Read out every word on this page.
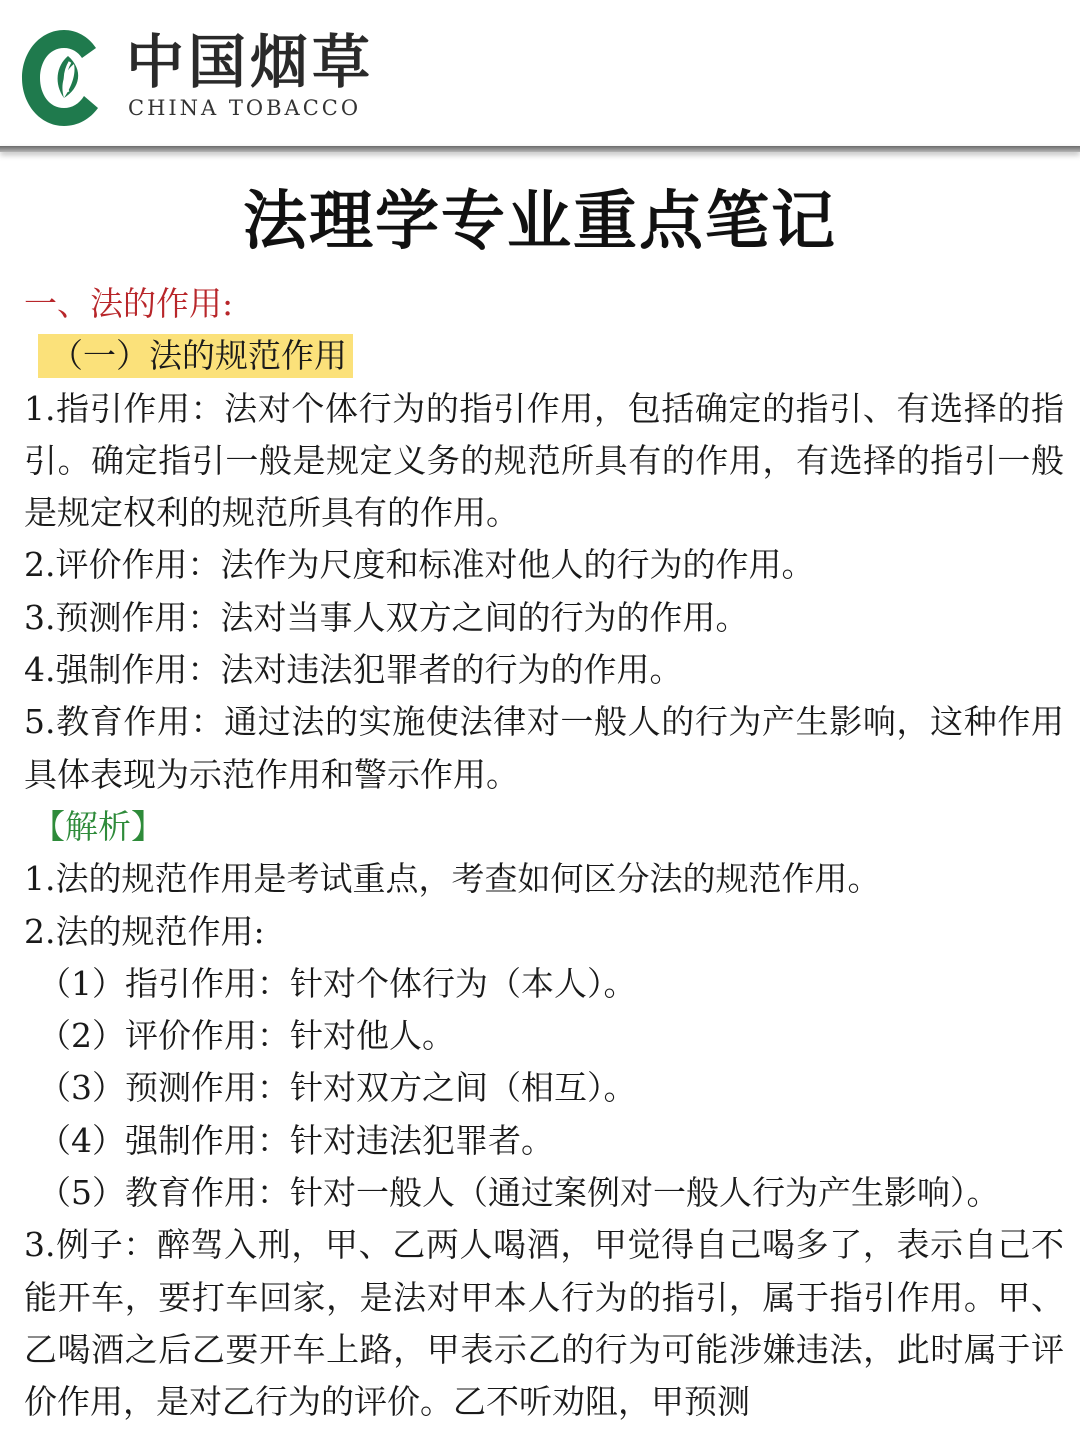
中国烟草
CHINA TOBACCO
法理学专业重点笔记
一、法的作用:
（一）法的规范作用

1.指引作用：法对个体行为的指引作用，包括确定的指引、有选择的指引。确定指引一般是规定义务的规范所具有的作用，有选择的指引一般是规定权利的规范所具有的作用。

2.评价作用：法作为尺度和标准对他人的行为的作用。

3.预测作用：法对当事人双方之间的行为的作用。

4.强制作用：法对违法犯罪者的行为的作用。

5.教育作用：通过法的实施使法律对一般人的行为产生影响，这种作用具体表现为示范作用和警示作用。

【解析】

1.法的规范作用是考试重点，考查如何区分法的规范作用。

2.法的规范作用:

（1）指引作用：针对个体行为（本人）。

（2）评价作用：针对他人。

（3）预测作用：针对双方之间（相互）。

（4）强制作用：针对违法犯罪者。

（5）教育作用：针对一般人（通过案例对一般人行为产生影响）。

3.例子：醉驾入刑，甲、乙两人喝酒，甲觉得自己喝多了，表示自己不能开车，要打车回家，是法对甲本人行为的指引，属于指引作用。甲、乙喝酒之后乙要开车上路，甲表示乙的行为可能涉嫌违法，此时属于评价作用，是对乙行为的评价。乙不听劝阻，甲预测
